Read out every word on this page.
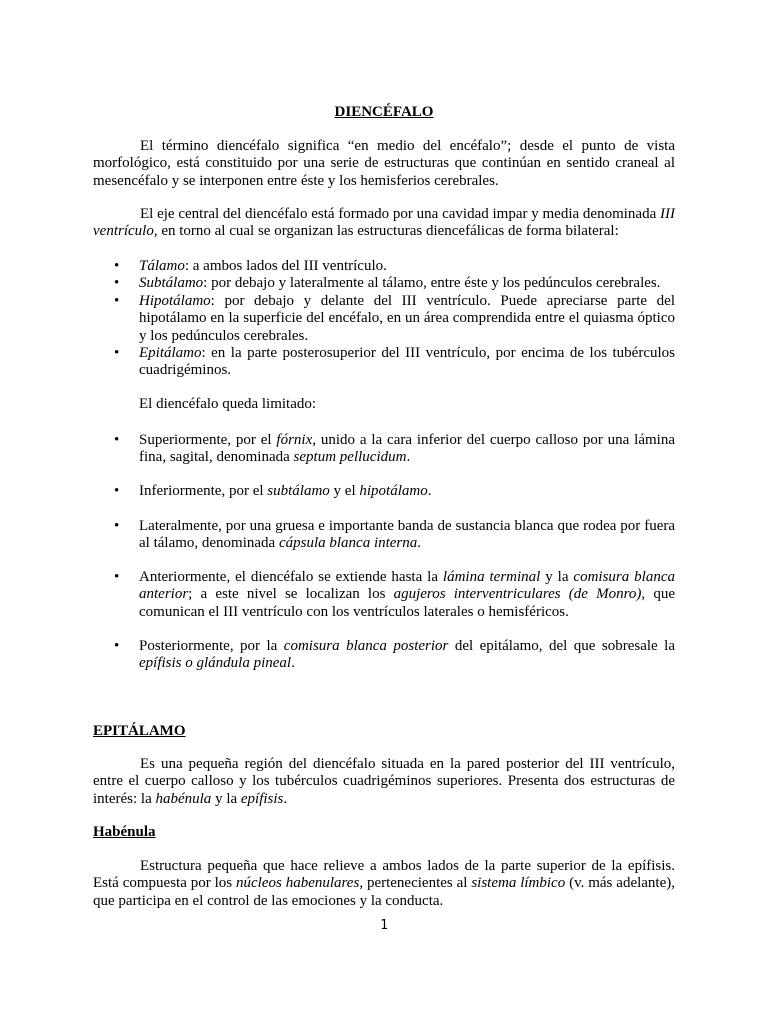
DIENCÉFALO

El término diencéfalo significa “en medio del encéfalo”; desde el punto de vista morfológico, está constituido por una serie de estructuras que continúan en sentido craneal al mesencéfalo y se interponen entre éste y los hemisferios cerebrales.

El eje central del diencéfalo está formado por una cavidad impar y media denominada III ventrículo, en torno al cual se organizan las estructuras diencefálicas de forma bilateral:

• Tálamo: a ambos lados del III ventrículo.
• Subtálamo: por debajo y lateralmente al tálamo, entre éste y los pedúnculos cerebrales.
• Hipotálamo: por debajo y delante del III ventrículo. Puede apreciarse parte del hipotálamo en la superficie del encéfalo, en un área comprendida entre el quiasma óptico y los pedúnculos cerebrales.
• Epitálamo: en la parte posterosuperior del III ventrículo, por encima de los tubérculos cuadrigéminos.
El diencéfalo queda limitado:
• Superiormente, por el fórnix, unido a la cara inferior del cuerpo calloso por una lámina fina, sagital, denominada septum pellucidum.
• Inferiormente, por el subtálamo y el hipotálamo.
• Lateralmente, por una gruesa e importante banda de sustancia blanca que rodea por fuera al tálamo, denominada cápsula blanca interna.
• Anteriormente, el diencéfalo se extiende hasta la lámina terminal y la comisura blanca anterior; a este nivel se localizan los agujeros interventriculares (de Monro), que comunican el III ventrículo con los ventrículos laterales o hemisféricos.
• Posteriormente, por la comisura blanca posterior del epitálamo, del que sobresale la epífisis o glándula pineal.
EPITÁLAMO

Es una pequeña región del diencéfalo situada en la pared posterior del III ventrículo, entre el cuerpo calloso y los tubérculos cuadrigéminos superiores. Presenta dos estructuras de interés: la habénula y la epífisis.

Habénula

Estructura pequeña que hace relieve a ambos lados de la parte superior de la epífisis. Está compuesta por los núcleos habenulares, pertenecientes al sistema límbico (v. más adelante), que participa en el control de las emociones y la conducta.

1
